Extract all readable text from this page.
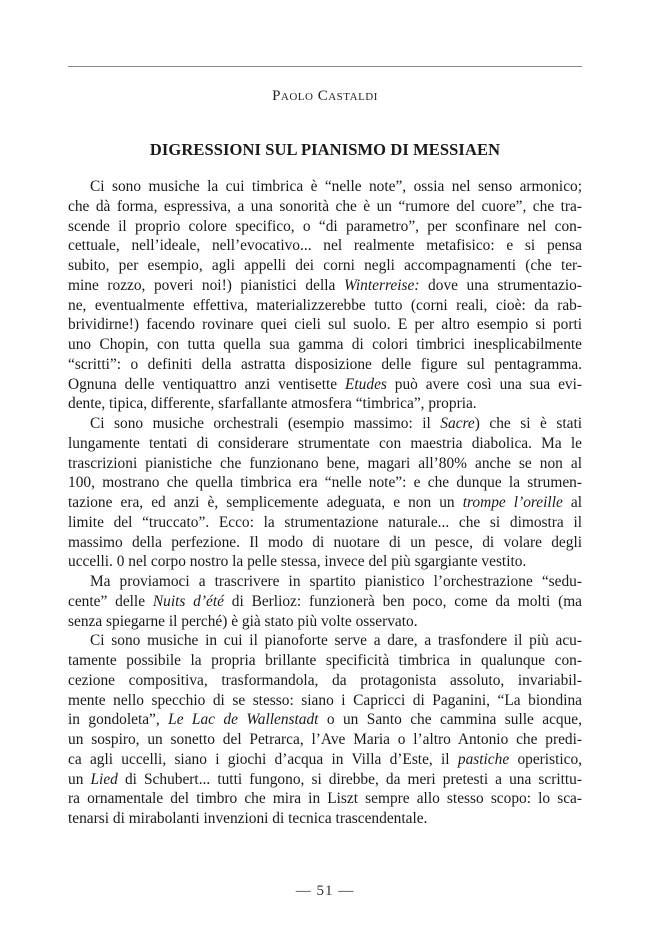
Paolo Castaldi
DIGRESSIONI SUL PIANISMO DI MESSIAEN
Ci sono musiche la cui timbrica è “nelle note”, ossia nel senso armonico;
che dà forma, espressiva, a una sonorità che è un “rumore del cuore”, che tra-
scende il proprio colore specifico, o “di parametro”, per sconfinare nel con-
cettuale, nell’ideale, nell’evocativo... nel realmente metafisico: e si pensa
subito, per esempio, agli appelli dei corni negli accompagnamenti (che ter-
mine rozzo, poveri noi!) pianistici della Winterreise: dove una strumentazio-
ne, eventualmente effettiva, materializzerebbe tutto (corni reali, cioè: da rab-
brividirne!) facendo rovinare quei cieli sul suolo. E per altro esempio si porti
uno Chopin, con tutta quella sua gamma di colori timbrici inesplicabilmente
“scritti”: o definiti della astratta disposizione delle figure sul pentagramma.
Ognuna delle ventiquattro anzi ventisette Etudes può avere così una sua evi-
dente, tipica, differente, sfarfallante atmosfera “timbrica”, propria.
Ci sono musiche orchestrali (esempio massimo: il Sacre) che si è stati
lungamente tentati di considerare strumentate con maestria diabolica. Ma le
trascrizioni pianistiche che funzionano bene, magari all’80% anche se non al
100, mostrano che quella timbrica era “nelle note”: e che dunque la strumen-
tazione era, ed anzi è, semplicemente adeguata, e non un trompe l’oreille al
limite del “truccato”. Ecco: la strumentazione naturale... che si dimostra il
massimo della perfezione. Il modo di nuotare di un pesce, di volare degli
uccelli. 0 nel corpo nostro la pelle stessa, invece del più sgargiante vestito.
Ma proviamoci a trascrivere in spartito pianistico l’orchestrazione “sedu-
cente” delle Nuits d’été di Berlioz: funzionerà ben poco, come da molti (ma
senza spiegarne il perché) è già stato più volte osservato.
Ci sono musiche in cui il pianoforte serve a dare, a trasfondere il più acu-
tamente possibile la propria brillante specificità timbrica in qualunque con-
cezione compositiva, trasformandola, da protagonista assoluto, invariabil-
mente nello specchio di se stesso: siano i Capricci di Paganini, “La biondina
in gondoleta”, Le Lac de Wallenstadt o un Santo che cammina sulle acque,
un sospiro, un sonetto del Petrarca, l’Ave Maria o l’altro Antonio che predi-
ca agli uccelli, siano i giochi d’acqua in Villa d’Este, il pastiche operistico,
un Lied di Schubert... tutti fungono, si direbbe, da meri pretesti a una scrittu-
ra ornamentale del timbro che mira in Liszt sempre allo stesso scopo: lo sca-
tenarsi di mirabolanti invenzioni di tecnica trascendentale.
— 51 —
